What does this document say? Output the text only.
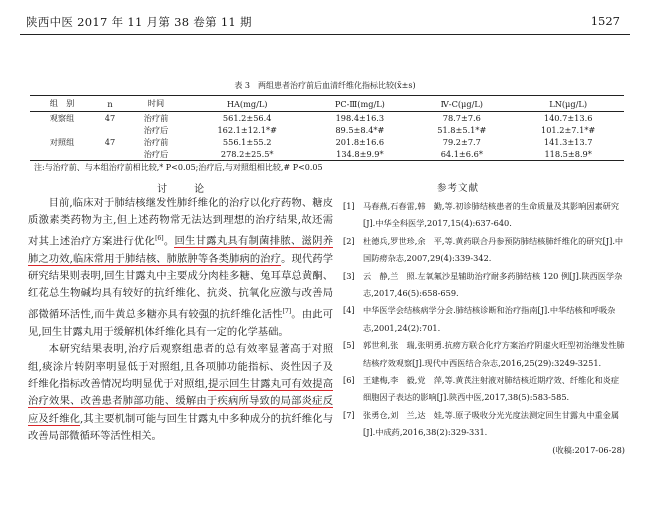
陕西中医 2017 年 11 月第 38 卷第 11 期	1527
表 3 两组患者治疗前后血清纤维化指标比较(x̄±s)
组　别	n	时间	HA(mg/L)	PC-Ⅲ(mg/L)	Ⅳ-C(μg/L)	LN(μg/L)
观察组	47	治疗前	561.2±56.4	198.4±16.3	78.7±7.6	140.7±13.6
		治疗后	162.1±12.1*#	89.5±8.4*#	51.8±5.1*#	101.2±7.1*#
对照组	47	治疗前	556.1±55.2	201.8±16.6	79.2±7.7	141.3±13.7
		治疗后	278.2±25.5*	134.8±9.9*	64.1±6.6*	118.5±8.9*
注:与治疗前、与本组治疗前相比较,* P<0.05;治疗后,与对照组相比较,# P<0.05
讨 论

目前,临床对于肺结核继发性肺纤维化的治疗以化疗药物、糖皮质激素类药物为主,但上述药物常无法达到理想的治疗结果,故还需对其上述治疗方案进行优化[6]。回生甘露丸具有制菌排脓、滋阴养肺之功效,临床常用于肺结核、肺脓肿等各类肺病的治疗。现代药学研究结果则表明,回生甘露丸中主要成分肉桂多糖、兔耳草总黄酮、红花总生物碱均具有较好的抗纤维化、抗炎、抗氧化应激与改善局部微循环活性,而牛黄总多糖亦具有较强的抗纤维化活性[7]。由此可见,回生甘露丸用于缓解机体纤维化具有一定的化学基础。

本研究结果表明,治疗后观察组患者的总有效率显著高于对照组,痰涂片转阴率明显低于对照组,且各项肺功能指标、炎性因子及纤维化指标改善情况均明显优于对照组,提示回生甘露丸可有效提高治疗效果、改善患者肺部功能、缓解由于疾病所导致的局部炎症反应及纤维化,其主要机制可能与回生甘露丸中多种成分的抗纤维化与改善局部微循环等活性相关。

参考文献
[1]	马春燕,石春雷,韩　勤,等.初诊肺结核患者的生命质量及其影响因素研究[J].中华全科医学,2017,15(4):637-640.
[2]	杜德兵,罗世珍,余　平,等.黄药联合丹参预防肺结核肺纤维化的研究[J].中国防痨杂志,2007,29(4):339-342.
[3]	云　静,兰　照.左氧氟沙星辅助治疗耐多药肺结核 120 例[J].陕西医学杂志,2017,46(5):658-659.
[4]	中华医学会结核病学分会.肺结核诊断和治疗指南[J].中华结核和呼吸杂志,2001,24(2):701.
[5]	郭世利,张　瑞,张明勇.抗痨方联合化疗方案治疗阴虚火旺型初治继发性肺结核疗效观察[J].现代中西医结合杂志,2016,25(29):3249-3251.
[6]	王建梅,李　毅,党　萍,等.黄芪注射液对肺结核近期疗效、纤维化和炎症细胞因子表达的影响[J].陕西中医,2017,38(5):583-585.
[7]	张勇仓,刘　兰,达　娃,等.原子吸收分光光度法测定回生甘露丸中重金属[J].中成药,2016,38(2):329-331.
(收稿:2017-06-28)
